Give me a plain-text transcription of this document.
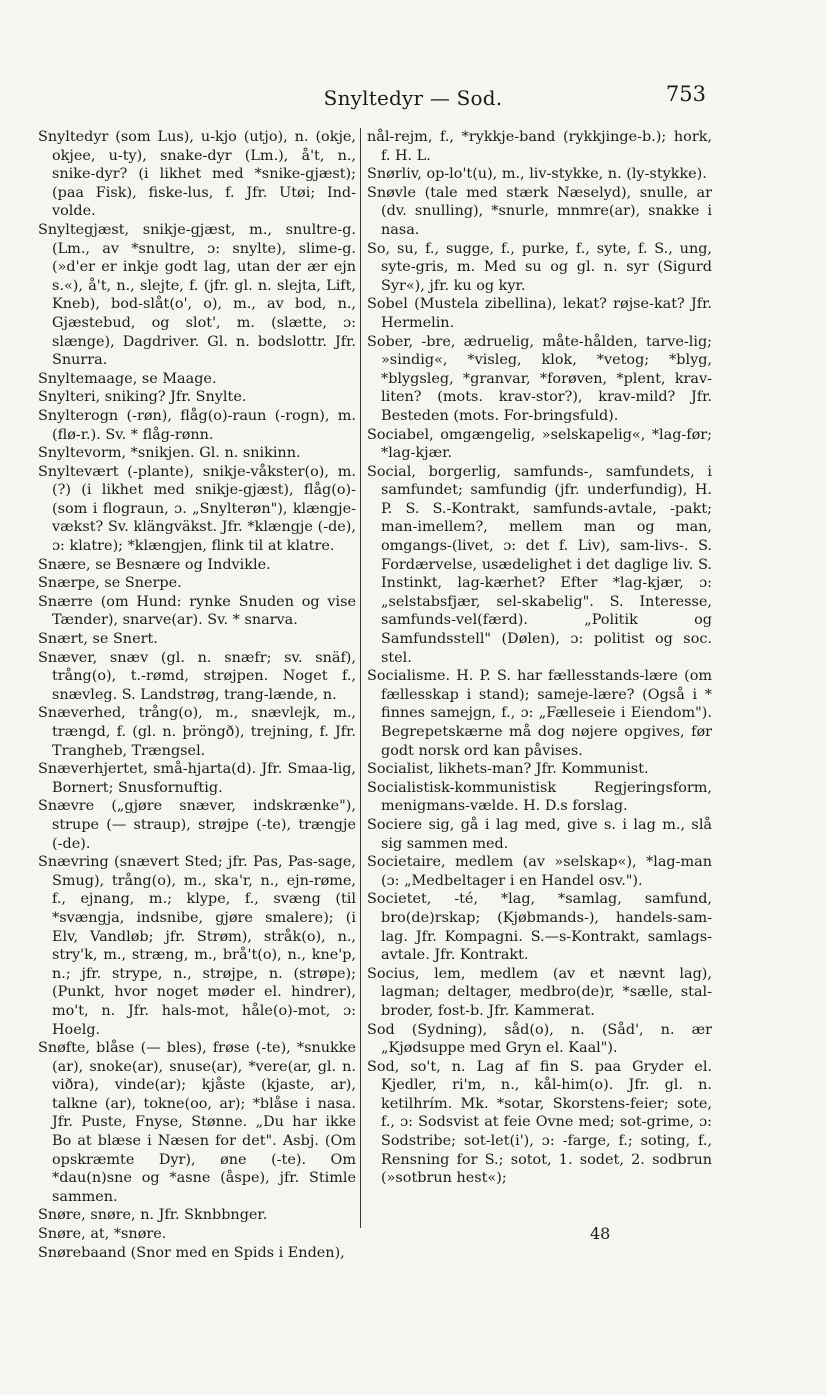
Snyltedyr — Sod.	753
Snyltedyr (som Lus), u-kjo (utjo), n. (okje, okjee, u-ty), snake-dyr (Lm.), å't, n., snike-dyr? (i likhet med *snike-gjæst); (paa Fisk), fiske-lus, f. Jfr. Utøi; Ind-volde.
Snyltegjæst, snikje-gjæst, m., snultre-g. (Lm., av *snultre, ɔ: snylte), slime-g. (»d'er er inkje godt lag, utan der ær ejn s.«), å't, n., slejte, f. (jfr. gl. n. slejta, Lift, Kneb), bod-slåt(o', o), m., av bod, n., Gjæstebud, og slot', m. (slætte, ɔ: slænge), Dagdriver. Gl. n. bodslottr. Jfr. Snurra.
Snyltemaage, se Maage.
Snylteri, sniking? Jfr. Snylte.
Snylterogn (-røn), flåg(o)-raun (-rogn), m. (flø-r.). Sv. * flåg-rønn.
Snyltevorm, *snikjen. Gl. n. snikinn.
Snyltevært (-plante), snikje-våkster(o), m. (?) (i likhet med snikje-gjæst), flåg(o)-(som i flograun, ɔ. „Snylterøn"), klængje-vækst? Sv. klängväkst. Jfr. *klængje (-de), ɔ: klatre); *klængjen, flink til at klatre.
Snære, se Besnære og Indvikle.
Snærpe, se Snerpe.
Snærre (om Hund: rynke Snuden og vise Tænder), snarve(ar). Sv. * snarva.
Snært, se Snert.
Snæver, snæv (gl. n. snæfr; sv. snäf), trång(o), t.-rømd, strøjpen. Noget f., snævleg. S. Landstrøg, trang-lænde, n.
Snæverhed, trång(o), m., snævlejk, m., trængd, f. (gl. n. þröngð), trejning, f. Jfr. Trangheb, Trængsel.
Snæverhjertet, små-hjarta(d). Jfr. Smaa-lig, Bornert; Snusfornuftig.
Snævre („gjøre snæver, indskrænke"), strupe (— straup), strøjpe (-te), trængje (-de).
Snævring (snævert Sted; jfr. Pas, Pas-sage, Smug), trång(o), m., ska'r, n., ejn-røme, f., ejnang, m.; klype, f., svæng (til *svængja, indsnibe, gjøre smalere); (i Elv, Vandløb; jfr. Strøm), stråk(o), n., stry'k, m., stræng, m., brå't(o), n., kne'p, n.; jfr. strype, n., strøjpe, n. (strøpe); (Punkt, hvor noget møder el. hindrer), mo't, n. Jfr. hals-mot, håle(o)-mot, ɔ: Hoelg.
Snøfte, blåse (— bles), frøse (-te), *snukke (ar), snoke(ar), snuse(ar), *vere(ar, gl. n. viðra), vinde(ar); kjåste (kjaste, ar), talkne (ar), tokne(oo, ar); *blåse i nasa. Jfr. Puste, Fnyse, Stønne. „Du har ikke Bo at blæse i Næsen for det". Asbj. (Om opskræmte Dyr), øne (-te). Om *dau(n)sne og *asne (åspe), jfr. Stimle sammen.
Snøre, snøre, n. Jfr. Sknbbnger.
Snøre, at, *snøre.
Snørebaand (Snor med en Spids i Enden),
nål-rejm, f., *rykkje-band (rykkjinge-b.); hork, f. H. L.
Snørliv, op-lo't(u), m., liv-stykke, n. (ly-stykke).
Snøvle (tale med stærk Næselyd), snulle, ar (dv. snulling), *snurle, mnmre(ar), snakke i nasa.
So, su, f., sugge, f., purke, f., syte, f. S., ung, syte-gris, m. Med su og gl. n. syr (Sigurd Syr«), jfr. ku og kyr.
Sobel (Mustela zibellina), lekat? røjse-kat? Jfr. Hermelin.
Sober, -bre, ædruelig, måte-hålden, tarve-lig; »sindig«, *visleg, klok, *vetog; *blyg, *blygsleg, *granvar, *forøven, *plent, krav-liten? (mots. krav-stor?), krav-mild? Jfr. Besteden (mots. For-bringsfuld).
Sociabel, omgængelig, »selskapelig«, *lag-før; *lag-kjær.
Social, borgerlig, samfunds-, samfundets, i samfundet; samfundig (jfr. underfundig), H. P. S. S.-Kontrakt, samfunds-avtale, -pakt; man-imellem?, mellem man og man, omgangs-(livet, ɔ: det f. Liv), sam-livs-. S. Fordærvelse, usædelighet i det daglige liv. S. Instinkt, lag-kærhet? Efter *lag-kjær, ɔ: „selstabsfjær, sel-skabelig". S. Interesse, samfunds-vel(færd). „Politik og Samfundsstell" (Dølen), ɔ: politist og soc. stel.
Socialisme. H. P. S. har fællesstands-lære (om fællesskap i stand); sameje-lære? (Også i * finnes samejgn, f., ɔ: „Fælleseie i Eiendom"). Begrepetskærne må dog nøjere opgives, før godt norsk ord kan påvises.
Socialist, likhets-man? Jfr. Kommunist.
Socialistisk-kommunistisk Regjeringsform, menigmans-vælde. H. D.s forslag.
Sociere sig, gå i lag med, give s. i lag m., slå sig sammen med.
Societaire, medlem (av »selskap«), *lag-man (ɔ: „Medbeltager i en Handel osv.").
Societet, -té, *lag, *samlag, samfund, bro(de)rskap; (Kjøbmands-), handels-sam-lag. Jfr. Kompagni. S.—s-Kontrakt, samlags-avtale. Jfr. Kontrakt.
Socius, lem, medlem (av et nævnt lag), lagman; deltager, medbro(de)r, *sælle, stal-broder, fost-b. Jfr. Kammerat.
Sod (Sydning), såd(o), n. (Såd', n. ær „Kjødsuppe med Gryn el. Kaal").
Sod, so't, n. Lag af fin S. paa Gryder el. Kjedler, ri'm, n., kål-him(o). Jfr. gl. n. ketilhrím. Mk. *sotar, Skorstens-feier; sote, f., ɔ: Sodsvist at feie Ovne med; sot-grime, ɔ: Sodstribe; sot-let(i'), ɔ: -farge, f.; soting, f., Rensning for S.; sotot, 1. sodet, 2. sodbrun (»sotbrun hest«);
48
